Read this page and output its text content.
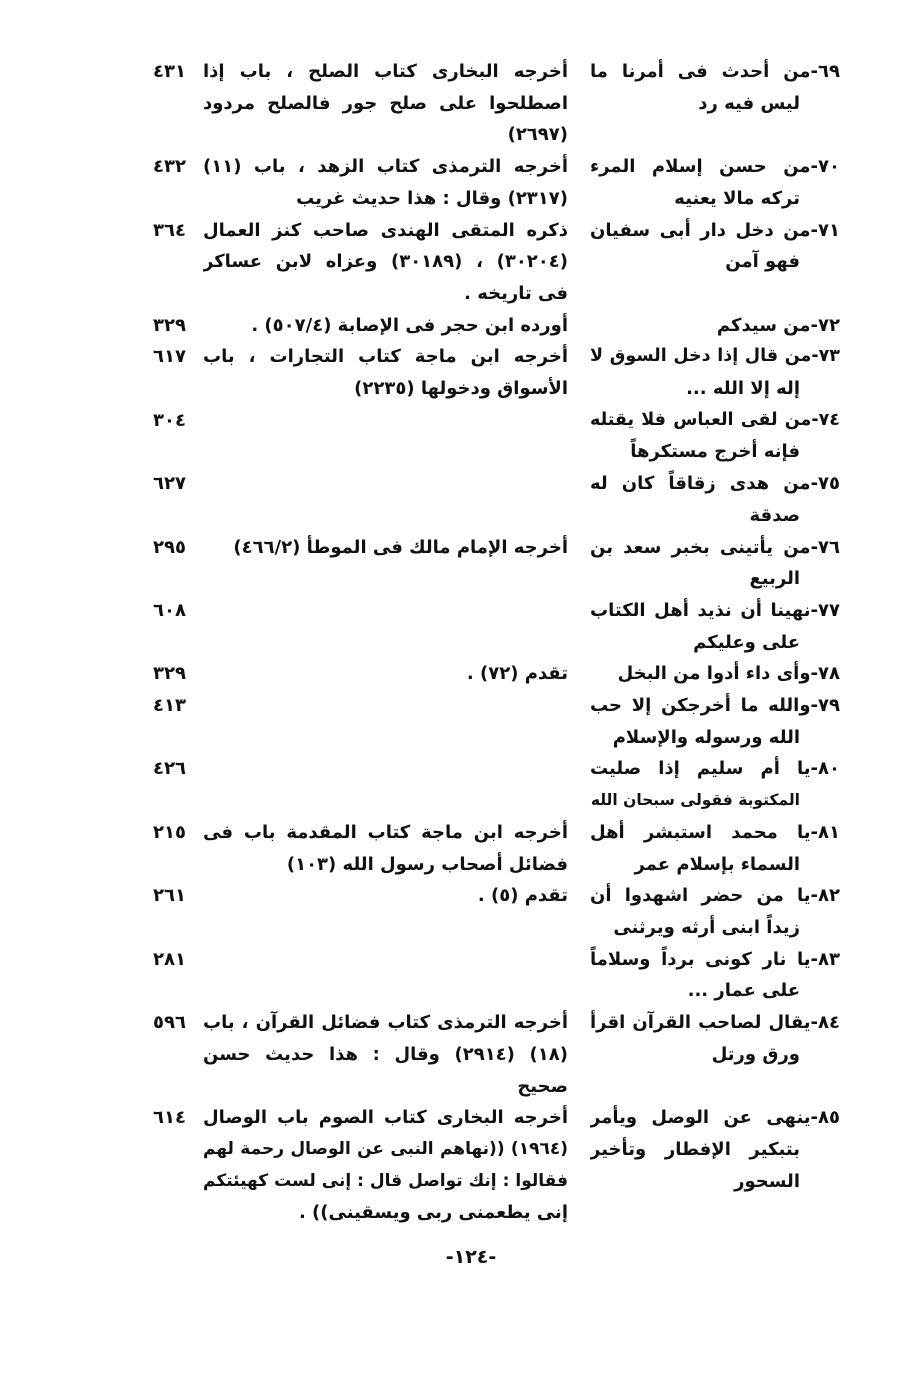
٦٩-من أحدث فى أمرنا ما
ليس فيه رد
أخرجه البخارى كتاب الصلح ، باب إذا
اصطلحوا على صلح جور فالصلح مردود
(٢٦٩٧)
٤٣١
٧٠-من حسن إسلام المرء
تركه مالا يعنيه
أخرجه الترمذى كتاب الزهد ، باب (١١)
(٢٣١٧) وقال : هذا حديث غريب
٤٣٢
٧١-من دخل دار أبى سفيان
فهو آمن
ذكره المتقى الهندى صاحب كنز العمال
(٣٠٢٠٤) ، (٣٠١٨٩) وعزاه لابن عساكر
فى تاريخه .
٣٦٤
٧٢-من سيدكم
أورده ابن حجر فى الإصابة (٥٠٧/٤) .
٣٢٩
٧٣-من قال إذا دخل السوق لا
إله إلا الله ...
أخرجه ابن ماجة كتاب التجارات ، باب
الأسواق ودخولها (٢٢٣٥)
٦١٧
٧٤-من لقى العباس فلا يقتله
فإنه أخرج مستكرهاً
٣٠٤
٧٥-من هدى زقاقاً كان له
صدقة
٦٢٧
٧٦-من يأتينى بخبر سعد بن
الربيع
أخرجه الإمام مالك فى الموطأ (٤٦٦/٢)
٢٩٥
٧٧-نهينا أن نذيد أهل الكتاب
على وعليكم
٦٠٨
٧٨-وأى داء أدوا من البخل
تقدم (٧٢) .
٣٢٩
٧٩-والله ما أخرجكن إلا حب
الله ورسوله والإسلام
٤١٣
٨٠-يا أم سليم إذا صليت
المكتوبة فقولى سبحان الله
٤٢٦
٨١-يا محمد استبشر أهل
السماء بإسلام عمر
أخرجه ابن ماجة كتاب المقدمة باب فى
فضائل أصحاب رسول الله (١٠٣)
٢١٥
٨٢-يا من حضر اشهدوا أن
زيداً ابنى أرثه ويرثنى
تقدم (٥) .
٢٦١
٨٣-يا نار كونى برداً وسلاماً
على عمار ...
٢٨١
٨٤-يقال لصاحب القرآن اقرأ
ورق ورتل
أخرجه الترمذى كتاب فضائل القرآن ، باب
(١٨) (٢٩١٤) وقال : هذا حديث حسن
صحيح
٥٩٦
٨٥-ينهى عن الوصل ويأمر
بتبكير الإفطار وتأخير
السحور
أخرجه البخارى كتاب الصوم باب الوصال
(١٩٦٤) ((نهاهم النبى عن الوصال رحمة لهم
فقالوا : إنك تواصل قال : إنى لست كهيئتكم
إنى يطعمنى ربى ويسقينى)) .
٦١٤
-١٢٤-
